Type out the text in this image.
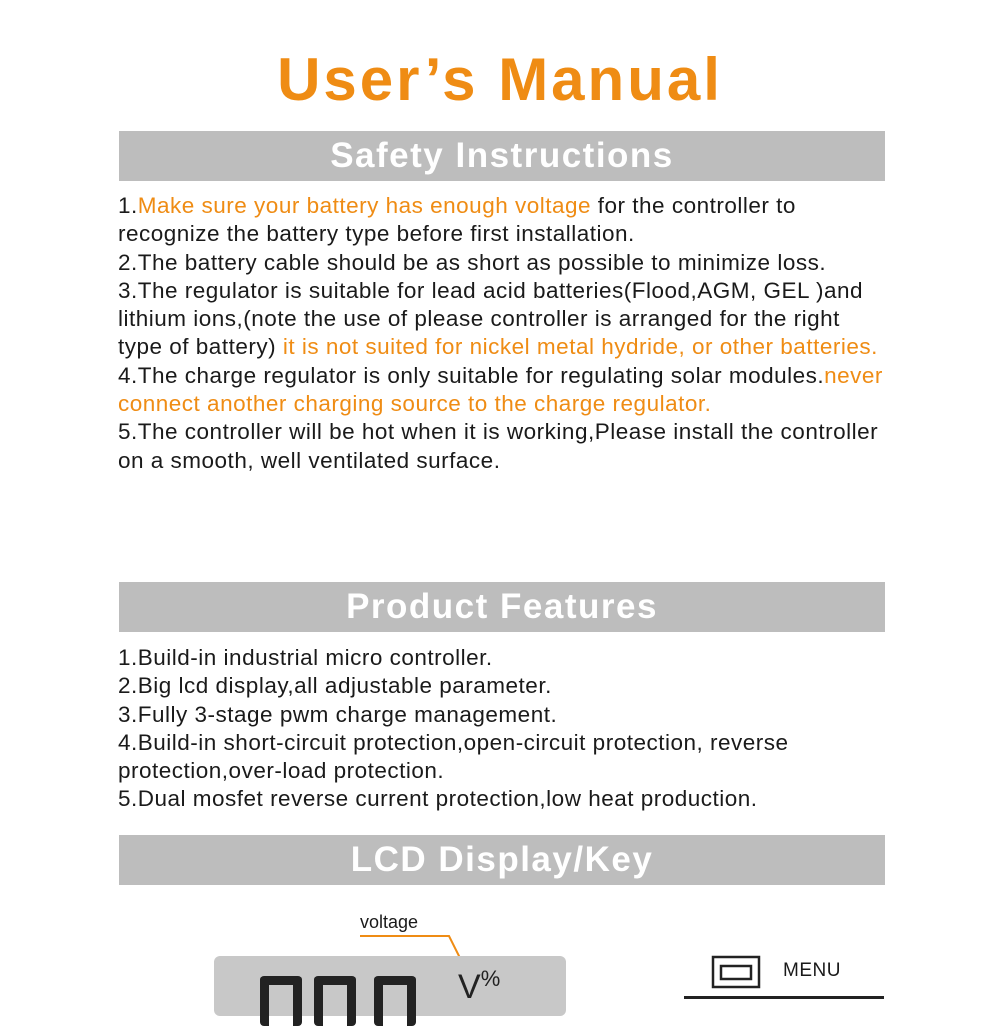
User’s Manual
Safety Instructions
1.Make sure your battery has enough voltage for the controller to recognize the battery type before first installation.
2.The battery cable should be as short as possible to minimize loss.
3.The regulator is suitable for lead acid batteries(Flood,AGM, GEL )and lithium ions,(note the use of please controller is arranged for the right type of battery) it is not suited for nickel metal hydride, or other batteries.
4.The charge regulator is only suitable for regulating solar modules.never connect another charging source to the charge regulator.
5.The controller will be hot when it is working,Please install the controller on a smooth, well ventilated surface.
Product Features
1.Build-in industrial micro controller.
2.Big lcd display,all adjustable parameter.
3.Fully 3-stage pwm charge management.
4.Build-in short-circuit protection,open-circuit protection, reverse protection,over-load protection.
5.Dual mosfet reverse current protection,low heat production.
LCD Display/Key
voltage
V%	MENU
